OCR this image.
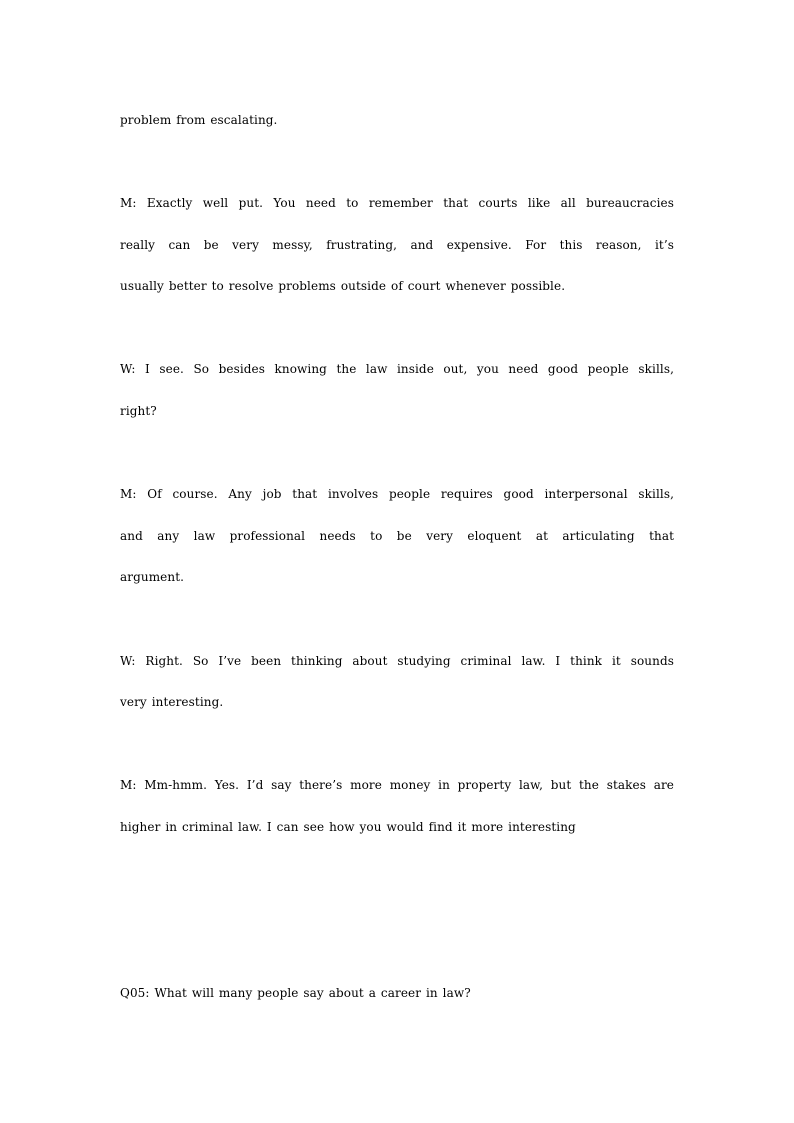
problem from escalating.
M: Exactly well put. You need to remember that courts like all bureaucracies
really can be very messy, frustrating, and expensive. For this reason, it’s
usually better to resolve problems outside of court whenever possible.
W: I see. So besides knowing the law inside out, you need good people skills,
right?
M: Of course. Any job that involves people requires good interpersonal skills,
and any law professional needs to be very eloquent at articulating that
argument.
W: Right. So I’ve been thinking about studying criminal law. I think it sounds
very interesting.
M: Mm-hmm. Yes. I’d say there’s more money in property law, but the stakes are
higher in criminal law. I can see how you would find it more interesting
Q05: What will many people say about a career in law?
